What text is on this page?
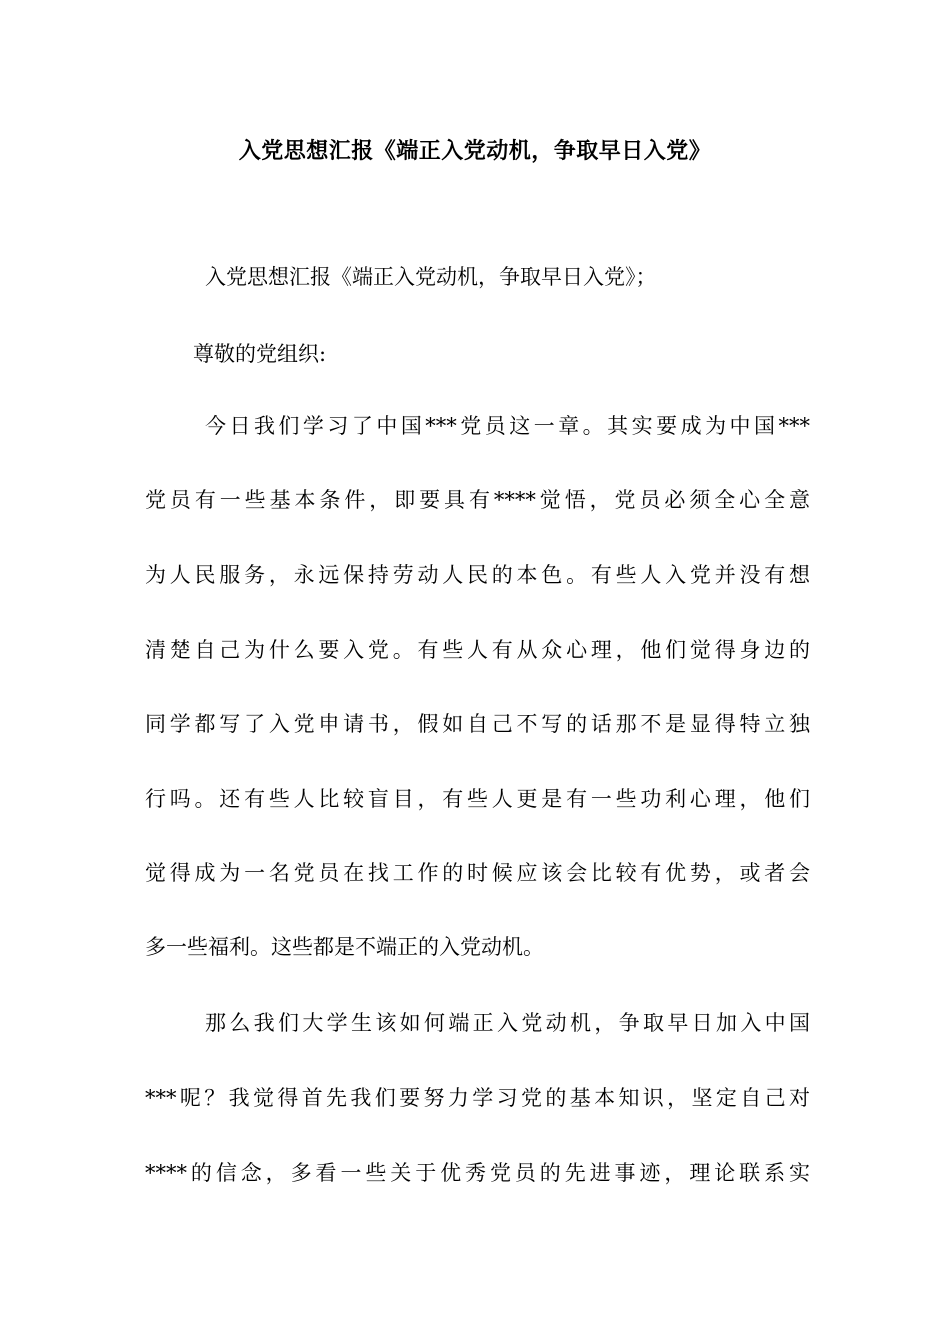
入党思想汇报《端正入党动机，争取早日入党》
入党思想汇报《端正入党动机，争取早日入党》；
尊敬的党组织:
今日我们学习了中国***党员这一章。其实要成为中国***
党员有一些基本条件，即要具有****觉悟，党员必须全心全意
为人民服务，永远保持劳动人民的本色。有些人入党并没有想
清楚自己为什么要入党。有些人有从众心理，他们觉得身边的
同学都写了入党申请书，假如自己不写的话那不是显得特立独
行吗。还有些人比较盲目，有些人更是有一些功利心理，他们
觉得成为一名党员在找工作的时候应该会比较有优势，或者会
多一些福利。这些都是不端正的入党动机。
那么我们大学生该如何端正入党动机，争取早日加入中国
***呢？我觉得首先我们要努力学习党的基本知识，坚定自己对
****的信念，多看一些关于优秀党员的先进事迹，理论联系实
